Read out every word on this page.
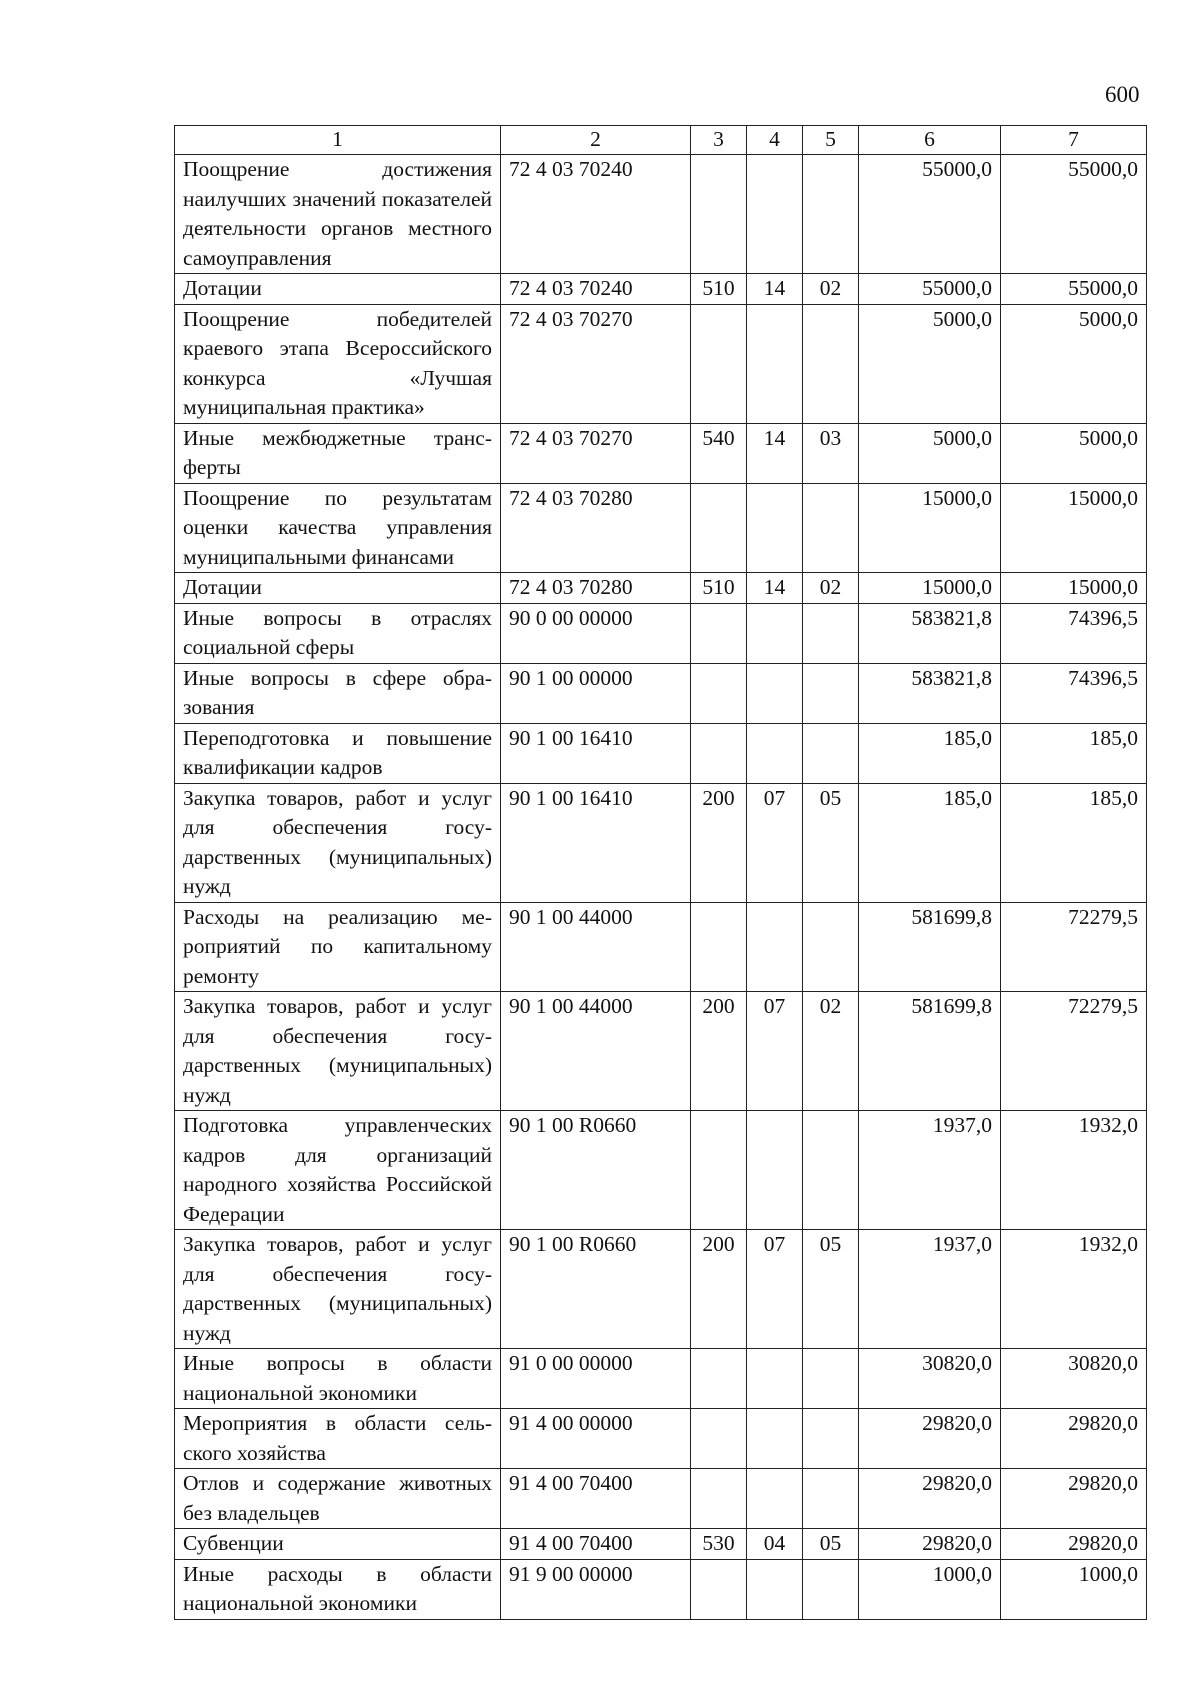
600
1	2	3	4	5	6	7
Поощрение достижения наилучших значений показателей деятельности органов местного самоуправления	72 4 03 70240				55000,0	55000,0
Дотации	72 4 03 70240	510	14	02	55000,0	55000,0
Поощрение победителей краевого этапа Всероссийского конкурса «Лучшая муниципальная практика»	72 4 03 70270				5000,0	5000,0
Иные межбюджетные трансферты	72 4 03 70270	540	14	03	5000,0	5000,0
Поощрение по результатам оценки качества управления муниципальными финансами	72 4 03 70280				15000,0	15000,0
Дотации	72 4 03 70280	510	14	02	15000,0	15000,0
Иные вопросы в отраслях социальной сферы	90 0 00 00000				583821,8	74396,5
Иные вопросы в сфере образования	90 1 00 00000				583821,8	74396,5
Переподготовка и повышение квалификации кадров	90 1 00 16410				185,0	185,0
Закупка товаров, работ и услуг для обеспечения государственных (муниципальных) нужд	90 1 00 16410	200	07	05	185,0	185,0
Расходы на реализацию мероприятий по капитальному ремонту	90 1 00 44000				581699,8	72279,5
Закупка товаров, работ и услуг для обеспечения государственных (муниципальных) нужд	90 1 00 44000	200	07	02	581699,8	72279,5
Подготовка управленческих кадров для организаций народного хозяйства Российской Федерации	90 1 00 R0660				1937,0	1932,0
Закупка товаров, работ и услуг для обеспечения государственных (муниципальных) нужд	90 1 00 R0660	200	07	05	1937,0	1932,0
Иные вопросы в области национальной экономики	91 0 00 00000				30820,0	30820,0
Мероприятия в области сельского хозяйства	91 4 00 00000				29820,0	29820,0
Отлов и содержание животных без владельцев	91 4 00 70400				29820,0	29820,0
Субвенции	91 4 00 70400	530	04	05	29820,0	29820,0
Иные расходы в области национальной экономики	91 9 00 00000				1000,0	1000,0
